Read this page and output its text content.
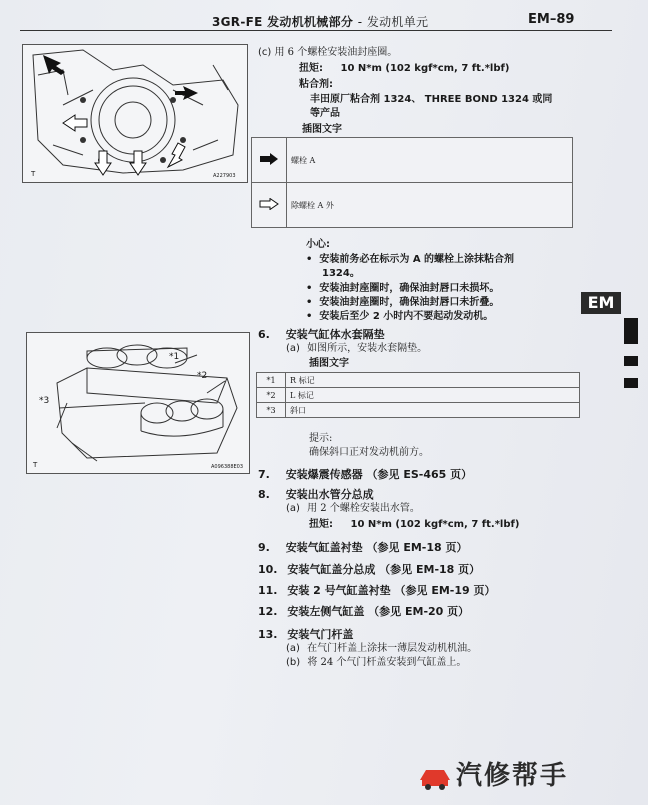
3GR-FE 发动机机械部分 - 发动机单元	EM–89
T	A227903
(c) 用 6 个螺栓安装油封座圈。
扭矩: 10 N*m (102 kgf*cm, 7 ft.*lbf)
粘合剂:
丰田原厂粘合剂 1324、 THREE BOND 1324 或同
等产品
插图文字
	螺栓 A
	除螺栓 A 外
小心:
•  安装前务必在标示为 A 的螺栓上涂抹粘合剂
1324。
•  安装油封座圈时，确保油封唇口未损坏。
•  安装油封座圈时，确保油封唇口未折叠。
•  安装后至少 2 小时内不要起动发动机。
EM
*1
*2
*3
T	A096388E03
6. 安装气缸体水套隔垫
(a) 如图所示，安装水套隔垫。
插图文字
*1	R 标记
*2	L 标记
*3	斜口
提示:
确保斜口正对发动机前方。
7. 安装爆震传感器 （参见 ES-465 页）
8. 安装出水管分总成
(a) 用 2 个螺栓安装出水管。
扭矩: 10 N*m (102 kgf*cm, 7 ft.*lbf)
9. 安装气缸盖衬垫 （参见 EM-18 页）
10. 安装气缸盖分总成 （参见 EM-18 页）
11. 安装 2 号气缸盖衬垫 （参见 EM-19 页）
12. 安装左侧气缸盖 （参见 EM-20 页）
13. 安装气门杆盖
(a) 在气门杆盖上涂抹一薄层发动机机油。
(b) 将 24 个气门杆盖安装到气缸盖上。
汽修帮手
